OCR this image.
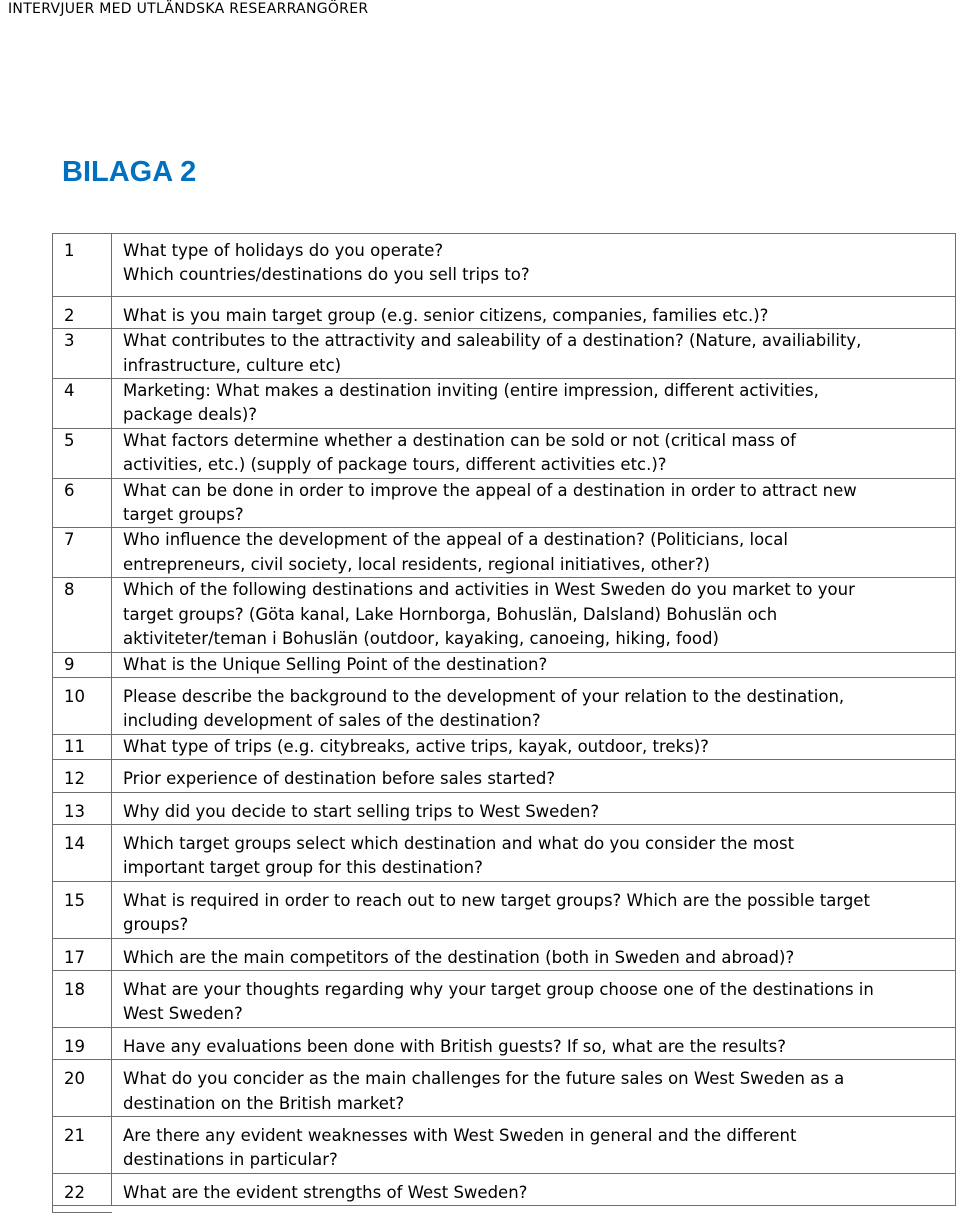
INTERVJUER MED UTLÄNDSKA RESEARRANGÖRER
BILAGA 2
1	What type of holidays do you operate?
Which countries/destinations do you sell trips to?

2	What is you main target group (e.g. senior citizens, companies, families etc.)?

3	What contributes to the attractivity and saleability of a destination? (Nature, availiability,
infrastructure, culture etc)

4	Marketing: What makes a destination inviting (entire impression, different activities,
package deals)?

5	What factors determine whether a destination can be sold or not (critical mass of
activities, etc.) (supply of package tours, different activities etc.)?

6	What can be done in order to improve the appeal of a destination in order to attract new
target groups?

7	Who influence the development of the appeal of a destination? (Politicians, local
entrepreneurs, civil society, local residents, regional initiatives, other?)

8	Which of the following destinations and activities in West Sweden do you market to your
target groups? (Göta kanal, Lake Hornborga, Bohuslän, Dalsland) Bohuslän och
aktiviteter/teman i Bohuslän (outdoor, kayaking, canoeing, hiking, food)

9	What is the Unique Selling Point of the destination?

10	Please describe the background to the development of your relation to the destination,
including development of sales of the destination?

11	What type of trips (e.g. citybreaks, active trips, kayak, outdoor, treks)?

12	Prior experience of destination before sales started?

13	Why did you decide to start selling trips to West Sweden?

14	Which target groups select which destination and what do you consider the most
important target group for this destination?

15	What is required in order to reach out to new target groups? Which are the possible target
groups?

17	Which are the main competitors of the destination (both in Sweden and abroad)?

18	What are your thoughts regarding why your target group choose one of the destinations in
West Sweden?

19	Have any evaluations been done with British guests? If so, what are the results?

20	What do you concider as the main challenges for the future sales on West Sweden as a
destination on the British market?

21	Are there any evident weaknesses with West Sweden in general and the different
destinations in particular?

22	What are the evident strengths of West Sweden?
